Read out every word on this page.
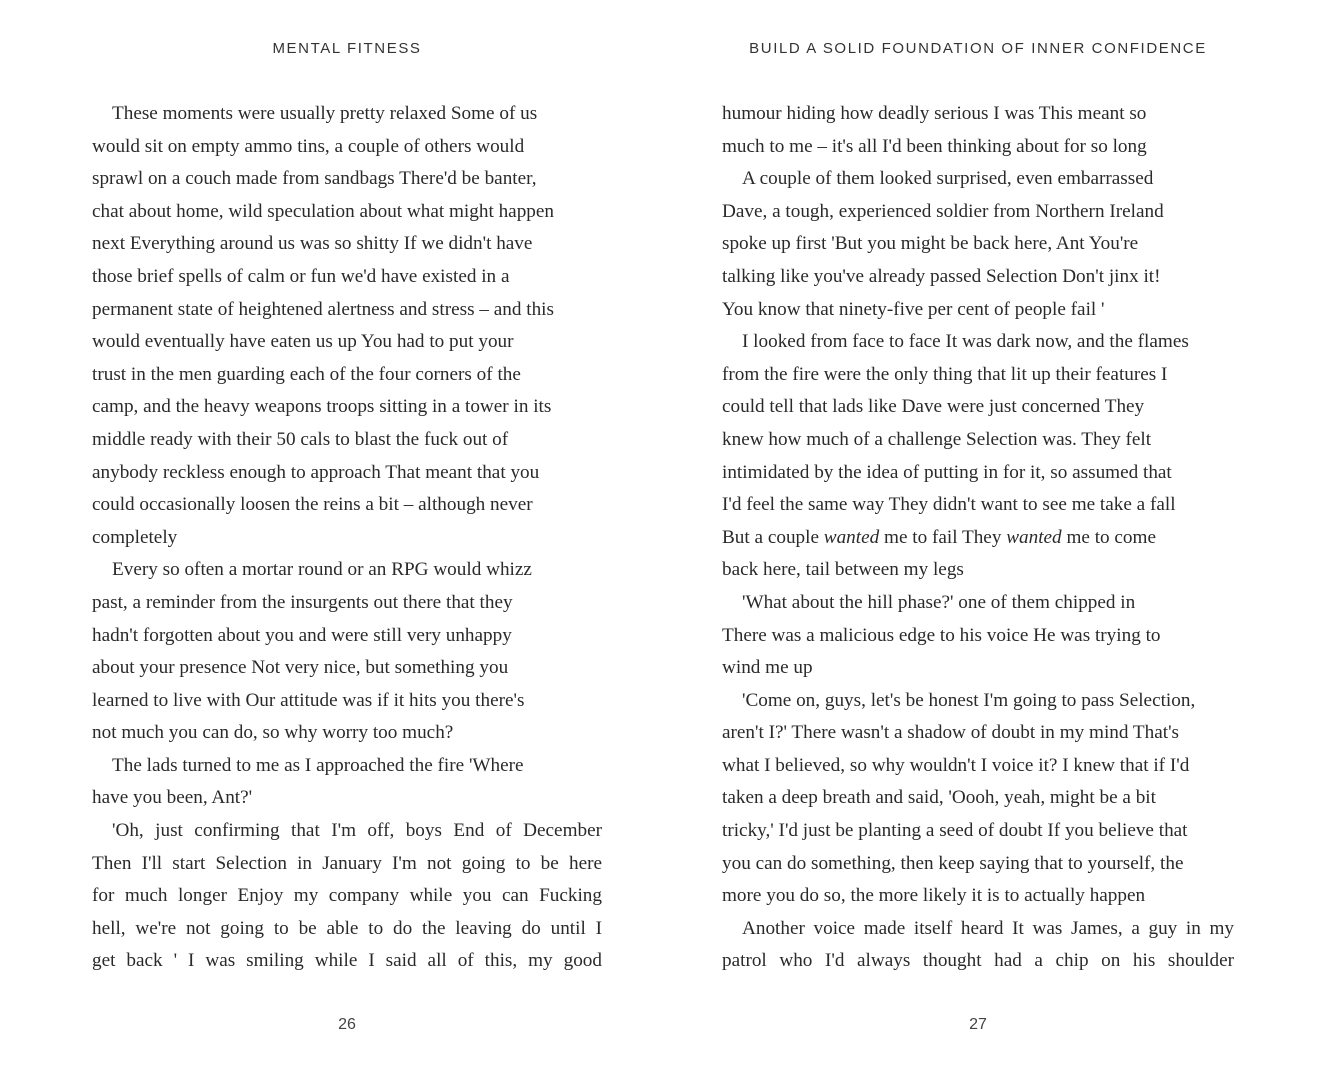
MENTAL FITNESS

These moments were usually pretty relaxed Some of us
would sit on empty ammo tins, a couple of others would
sprawl on a couch made from sandbags There'd be banter,
chat about home, wild speculation about what might happen
next Everything around us was so shitty If we didn't have
those brief spells of calm or fun we'd have existed in a
permanent state of heightened alertness and stress – and this
would eventually have eaten us up You had to put your
trust in the men guarding each of the four corners of the
camp, and the heavy weapons troops sitting in a tower in its
middle ready with their 50 cals to blast the fuck out of
anybody reckless enough to approach That meant that you
could occasionally loosen the reins a bit – although never
completely

Every so often a mortar round or an RPG would whizz
past, a reminder from the insurgents out there that they
hadn't forgotten about you and were still very unhappy
about your presence Not very nice, but something you
learned to live with Our attitude was if it hits you there's
not much you can do, so why worry too much?

The lads turned to me as I approached the fire 'Where
have you been, Ant?'

'Oh, just confirming that I'm off, boys End of December
Then I'll start Selection in January I'm not going to be here
for much longer Enjoy my company while you can Fucking
hell, we're not going to be able to do the leaving do until I
get back ' I was smiling while I said all of this, my good

26
BUILD A SOLID FOUNDATION OF INNER CONFIDENCE

humour hiding how deadly serious I was This meant so
much to me – it's all I'd been thinking about for so long

A couple of them looked surprised, even embarrassed
Dave, a tough, experienced soldier from Northern Ireland
spoke up first 'But you might be back here, Ant You're
talking like you've already passed Selection Don't jinx it!
You know that ninety-five per cent of people fail '

I looked from face to face It was dark now, and the flames
from the fire were the only thing that lit up their features I
could tell that lads like Dave were just concerned They
knew how much of a challenge Selection was. They felt
intimidated by the idea of putting in for it, so assumed that
I'd feel the same way They didn't want to see me take a fall
But a couple wanted me to fail They wanted me to come
back here, tail between my legs

'What about the hill phase?' one of them chipped in
There was a malicious edge to his voice He was trying to
wind me up

'Come on, guys, let's be honest I'm going to pass Selection,
aren't I?' There wasn't a shadow of doubt in my mind That's
what I believed, so why wouldn't I voice it? I knew that if I'd
taken a deep breath and said, 'Oooh, yeah, might be a bit
tricky,' I'd just be planting a seed of doubt If you believe that
you can do something, then keep saying that to yourself, the
more you do so, the more likely it is to actually happen

Another voice made itself heard It was James, a guy in my
patrol who I'd always thought had a chip on his shoulder

27
